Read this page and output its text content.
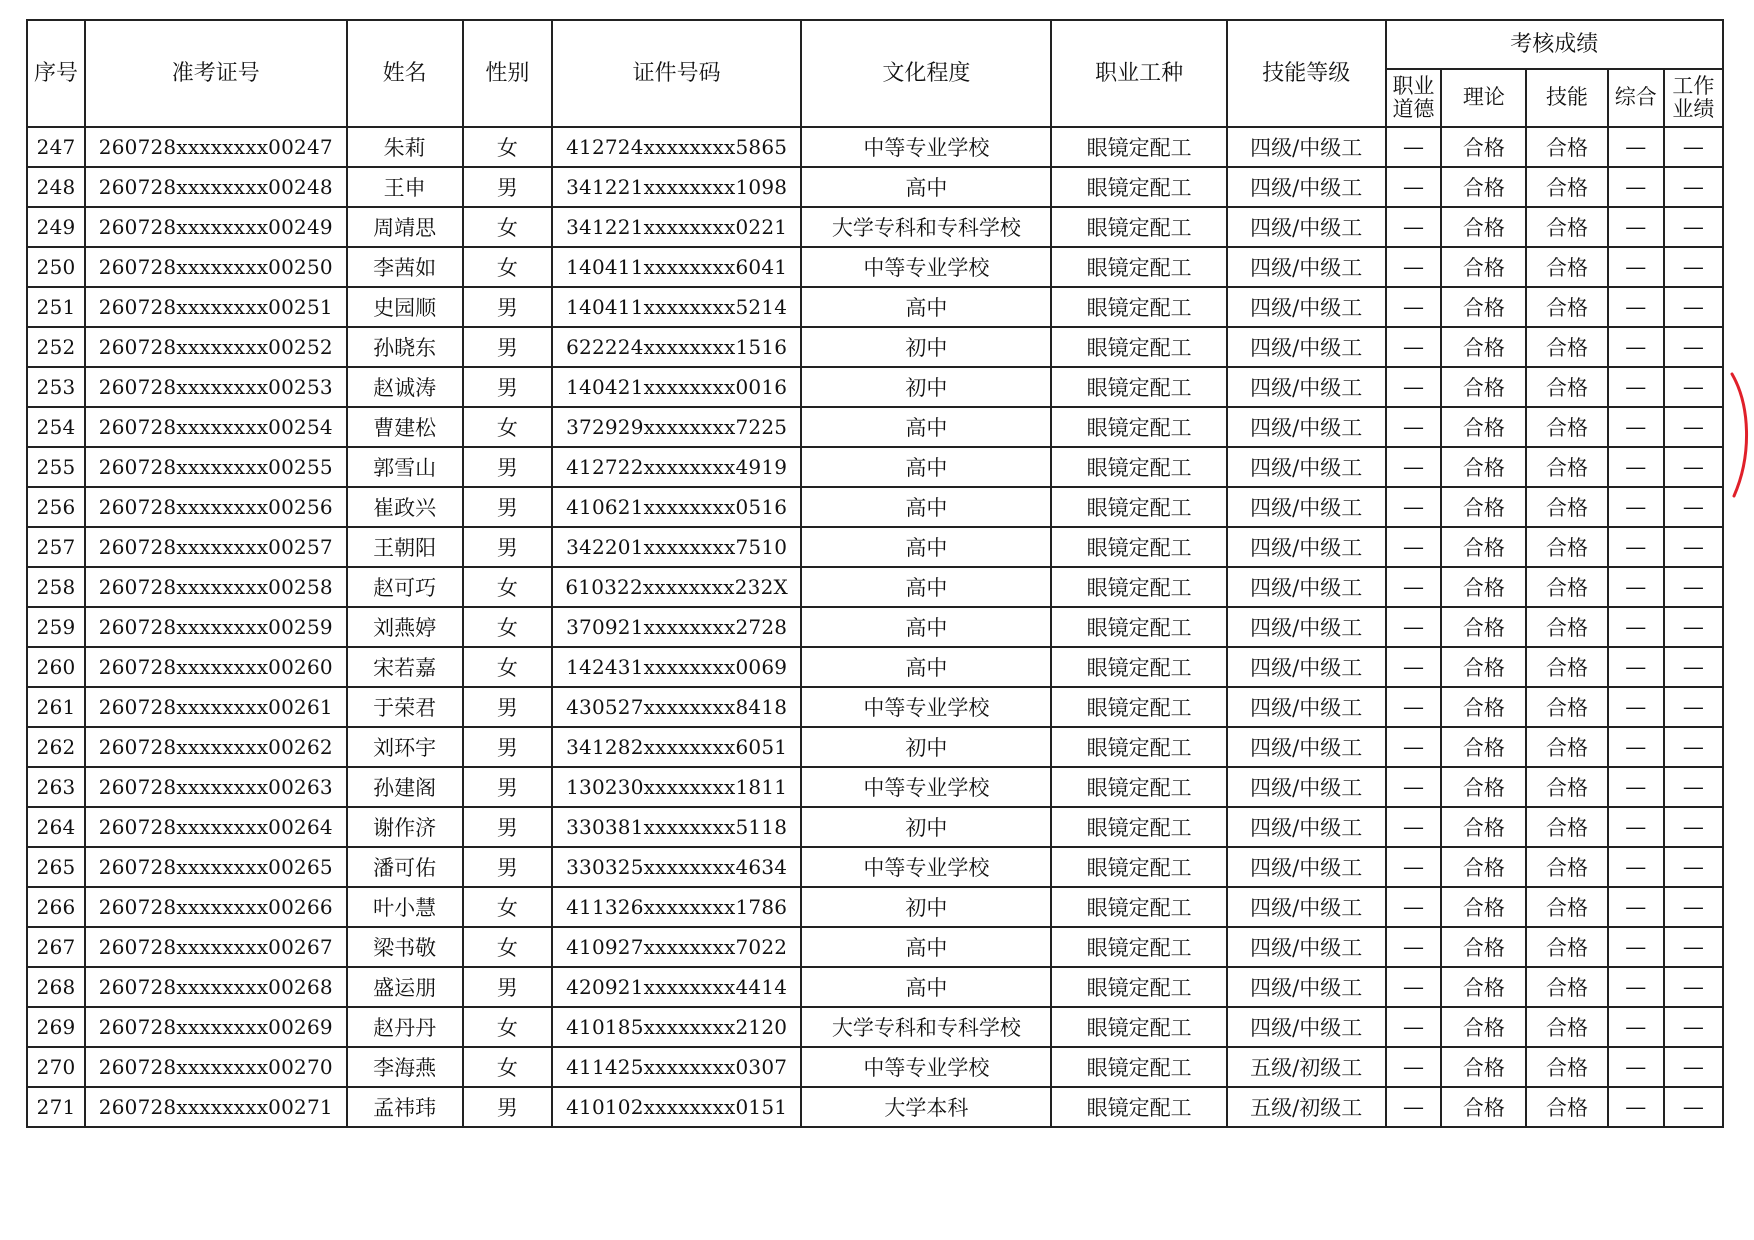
序号	准考证号	姓名	性别	证件号码	文化程度	职业工种	技能等级	考核成绩				
								职业道德	理论	技能	综合	工作业绩
247	260728xxxxxxxx00247	朱莉	女	412724xxxxxxxx5865	中等专业学校	眼镜定配工	四级/中级工	—	合格	合格	—	—
248	260728xxxxxxxx00248	王申	男	341221xxxxxxxx1098	高中	眼镜定配工	四级/中级工	—	合格	合格	—	—
249	260728xxxxxxxx00249	周靖思	女	341221xxxxxxxx0221	大学专科和专科学校	眼镜定配工	四级/中级工	—	合格	合格	—	—
250	260728xxxxxxxx00250	李茜如	女	140411xxxxxxxx6041	中等专业学校	眼镜定配工	四级/中级工	—	合格	合格	—	—
251	260728xxxxxxxx00251	史园顺	男	140411xxxxxxxx5214	高中	眼镜定配工	四级/中级工	—	合格	合格	—	—
252	260728xxxxxxxx00252	孙晓东	男	622224xxxxxxxx1516	初中	眼镜定配工	四级/中级工	—	合格	合格	—	—
253	260728xxxxxxxx00253	赵诚涛	男	140421xxxxxxxx0016	初中	眼镜定配工	四级/中级工	—	合格	合格	—	—
254	260728xxxxxxxx00254	曹建松	女	372929xxxxxxxx7225	高中	眼镜定配工	四级/中级工	—	合格	合格	—	—
255	260728xxxxxxxx00255	郭雪山	男	412722xxxxxxxx4919	高中	眼镜定配工	四级/中级工	—	合格	合格	—	—
256	260728xxxxxxxx00256	崔政兴	男	410621xxxxxxxx0516	高中	眼镜定配工	四级/中级工	—	合格	合格	—	—
257	260728xxxxxxxx00257	王朝阳	男	342201xxxxxxxx7510	高中	眼镜定配工	四级/中级工	—	合格	合格	—	—
258	260728xxxxxxxx00258	赵可巧	女	610322xxxxxxxx232X	高中	眼镜定配工	四级/中级工	—	合格	合格	—	—
259	260728xxxxxxxx00259	刘燕婷	女	370921xxxxxxxx2728	高中	眼镜定配工	四级/中级工	—	合格	合格	—	—
260	260728xxxxxxxx00260	宋若嘉	女	142431xxxxxxxx0069	高中	眼镜定配工	四级/中级工	—	合格	合格	—	—
261	260728xxxxxxxx00261	于荣君	男	430527xxxxxxxx8418	中等专业学校	眼镜定配工	四级/中级工	—	合格	合格	—	—
262	260728xxxxxxxx00262	刘环宇	男	341282xxxxxxxx6051	初中	眼镜定配工	四级/中级工	—	合格	合格	—	—
263	260728xxxxxxxx00263	孙建阁	男	130230xxxxxxxx1811	中等专业学校	眼镜定配工	四级/中级工	—	合格	合格	—	—
264	260728xxxxxxxx00264	谢作济	男	330381xxxxxxxx5118	初中	眼镜定配工	四级/中级工	—	合格	合格	—	—
265	260728xxxxxxxx00265	潘可佑	男	330325xxxxxxxx4634	中等专业学校	眼镜定配工	四级/中级工	—	合格	合格	—	—
266	260728xxxxxxxx00266	叶小慧	女	411326xxxxxxxx1786	初中	眼镜定配工	四级/中级工	—	合格	合格	—	—
267	260728xxxxxxxx00267	梁书敬	女	410927xxxxxxxx7022	高中	眼镜定配工	四级/中级工	—	合格	合格	—	—
268	260728xxxxxxxx00268	盛运朋	男	420921xxxxxxxx4414	高中	眼镜定配工	四级/中级工	—	合格	合格	—	—
269	260728xxxxxxxx00269	赵丹丹	女	410185xxxxxxxx2120	大学专科和专科学校	眼镜定配工	四级/中级工	—	合格	合格	—	—
270	260728xxxxxxxx00270	李海燕	女	411425xxxxxxxx0307	中等专业学校	眼镜定配工	五级/初级工	—	合格	合格	—	—
271	260728xxxxxxxx00271	孟祎玮	男	410102xxxxxxxx0151	大学本科	眼镜定配工	五级/初级工	—	合格	合格	—	—
